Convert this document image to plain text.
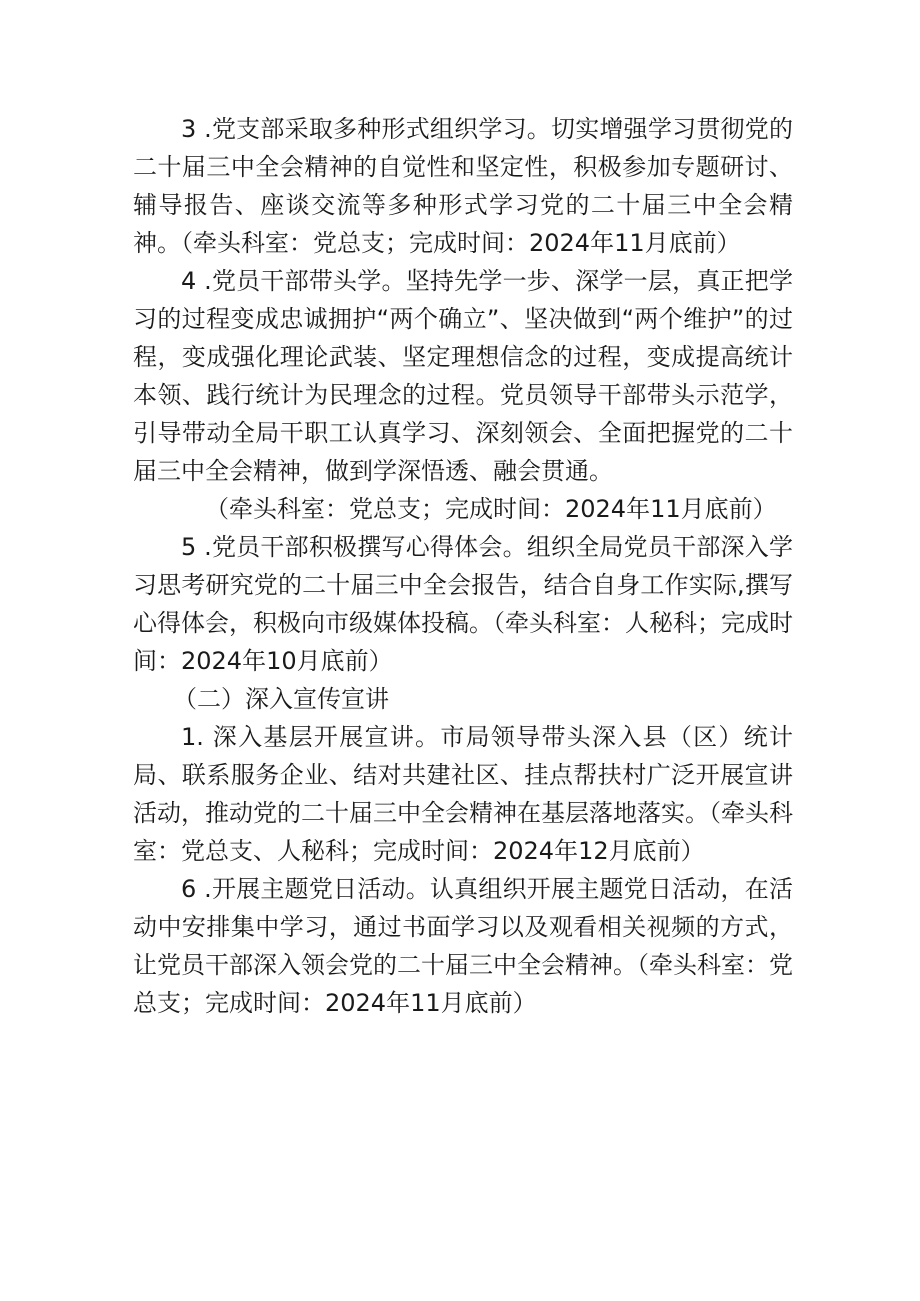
3 .党支部采取多种形式组织学习。切实增强学习贯彻党的二十届三中全会精神的自觉性和坚定性，积极参加专题研讨、辅导报告、座谈交流等多种形式学习党的二十届三中全会精神。（牵头科室：党总支；完成时间：2024年11月底前）

4 .党员干部带头学。坚持先学一步、深学一层，真正把学习的过程变成忠诚拥护“两个确立”、坚决做到“两个维护”的过程，变成强化理论武装、坚定理想信念的过程，变成提高统计本领、践行统计为民理念的过程。党员领导干部带头示范学，引导带动全局干职工认真学习、深刻领会、全面把握党的二十届三中全会精神，做到学深悟透、融会贯通。

（牵头科室：党总支；完成时间：2024年11月底前）

5 .党员干部积极撰写心得体会。组织全局党员干部深入学习思考研究党的二十届三中全会报告，结合自身工作实际,撰写心得体会，积极向市级媒体投稿。（牵头科室：人秘科；完成时间：2024年10月底前）

（二）深入宣传宣讲

1. 深入基层开展宣讲。市局领导带头深入县（区）统计局、联系服务企业、结对共建社区、挂点帮扶村广泛开展宣讲活动，推动党的二十届三中全会精神在基层落地落实。（牵头科室：党总支、人秘科；完成时间：2024年12月底前）

6 .开展主题党日活动。认真组织开展主题党日活动，在活动中安排集中学习，通过书面学习以及观看相关视频的方式，让党员干部深入领会党的二十届三中全会精神。（牵头科室：党总支；完成时间：2024年11月底前）
